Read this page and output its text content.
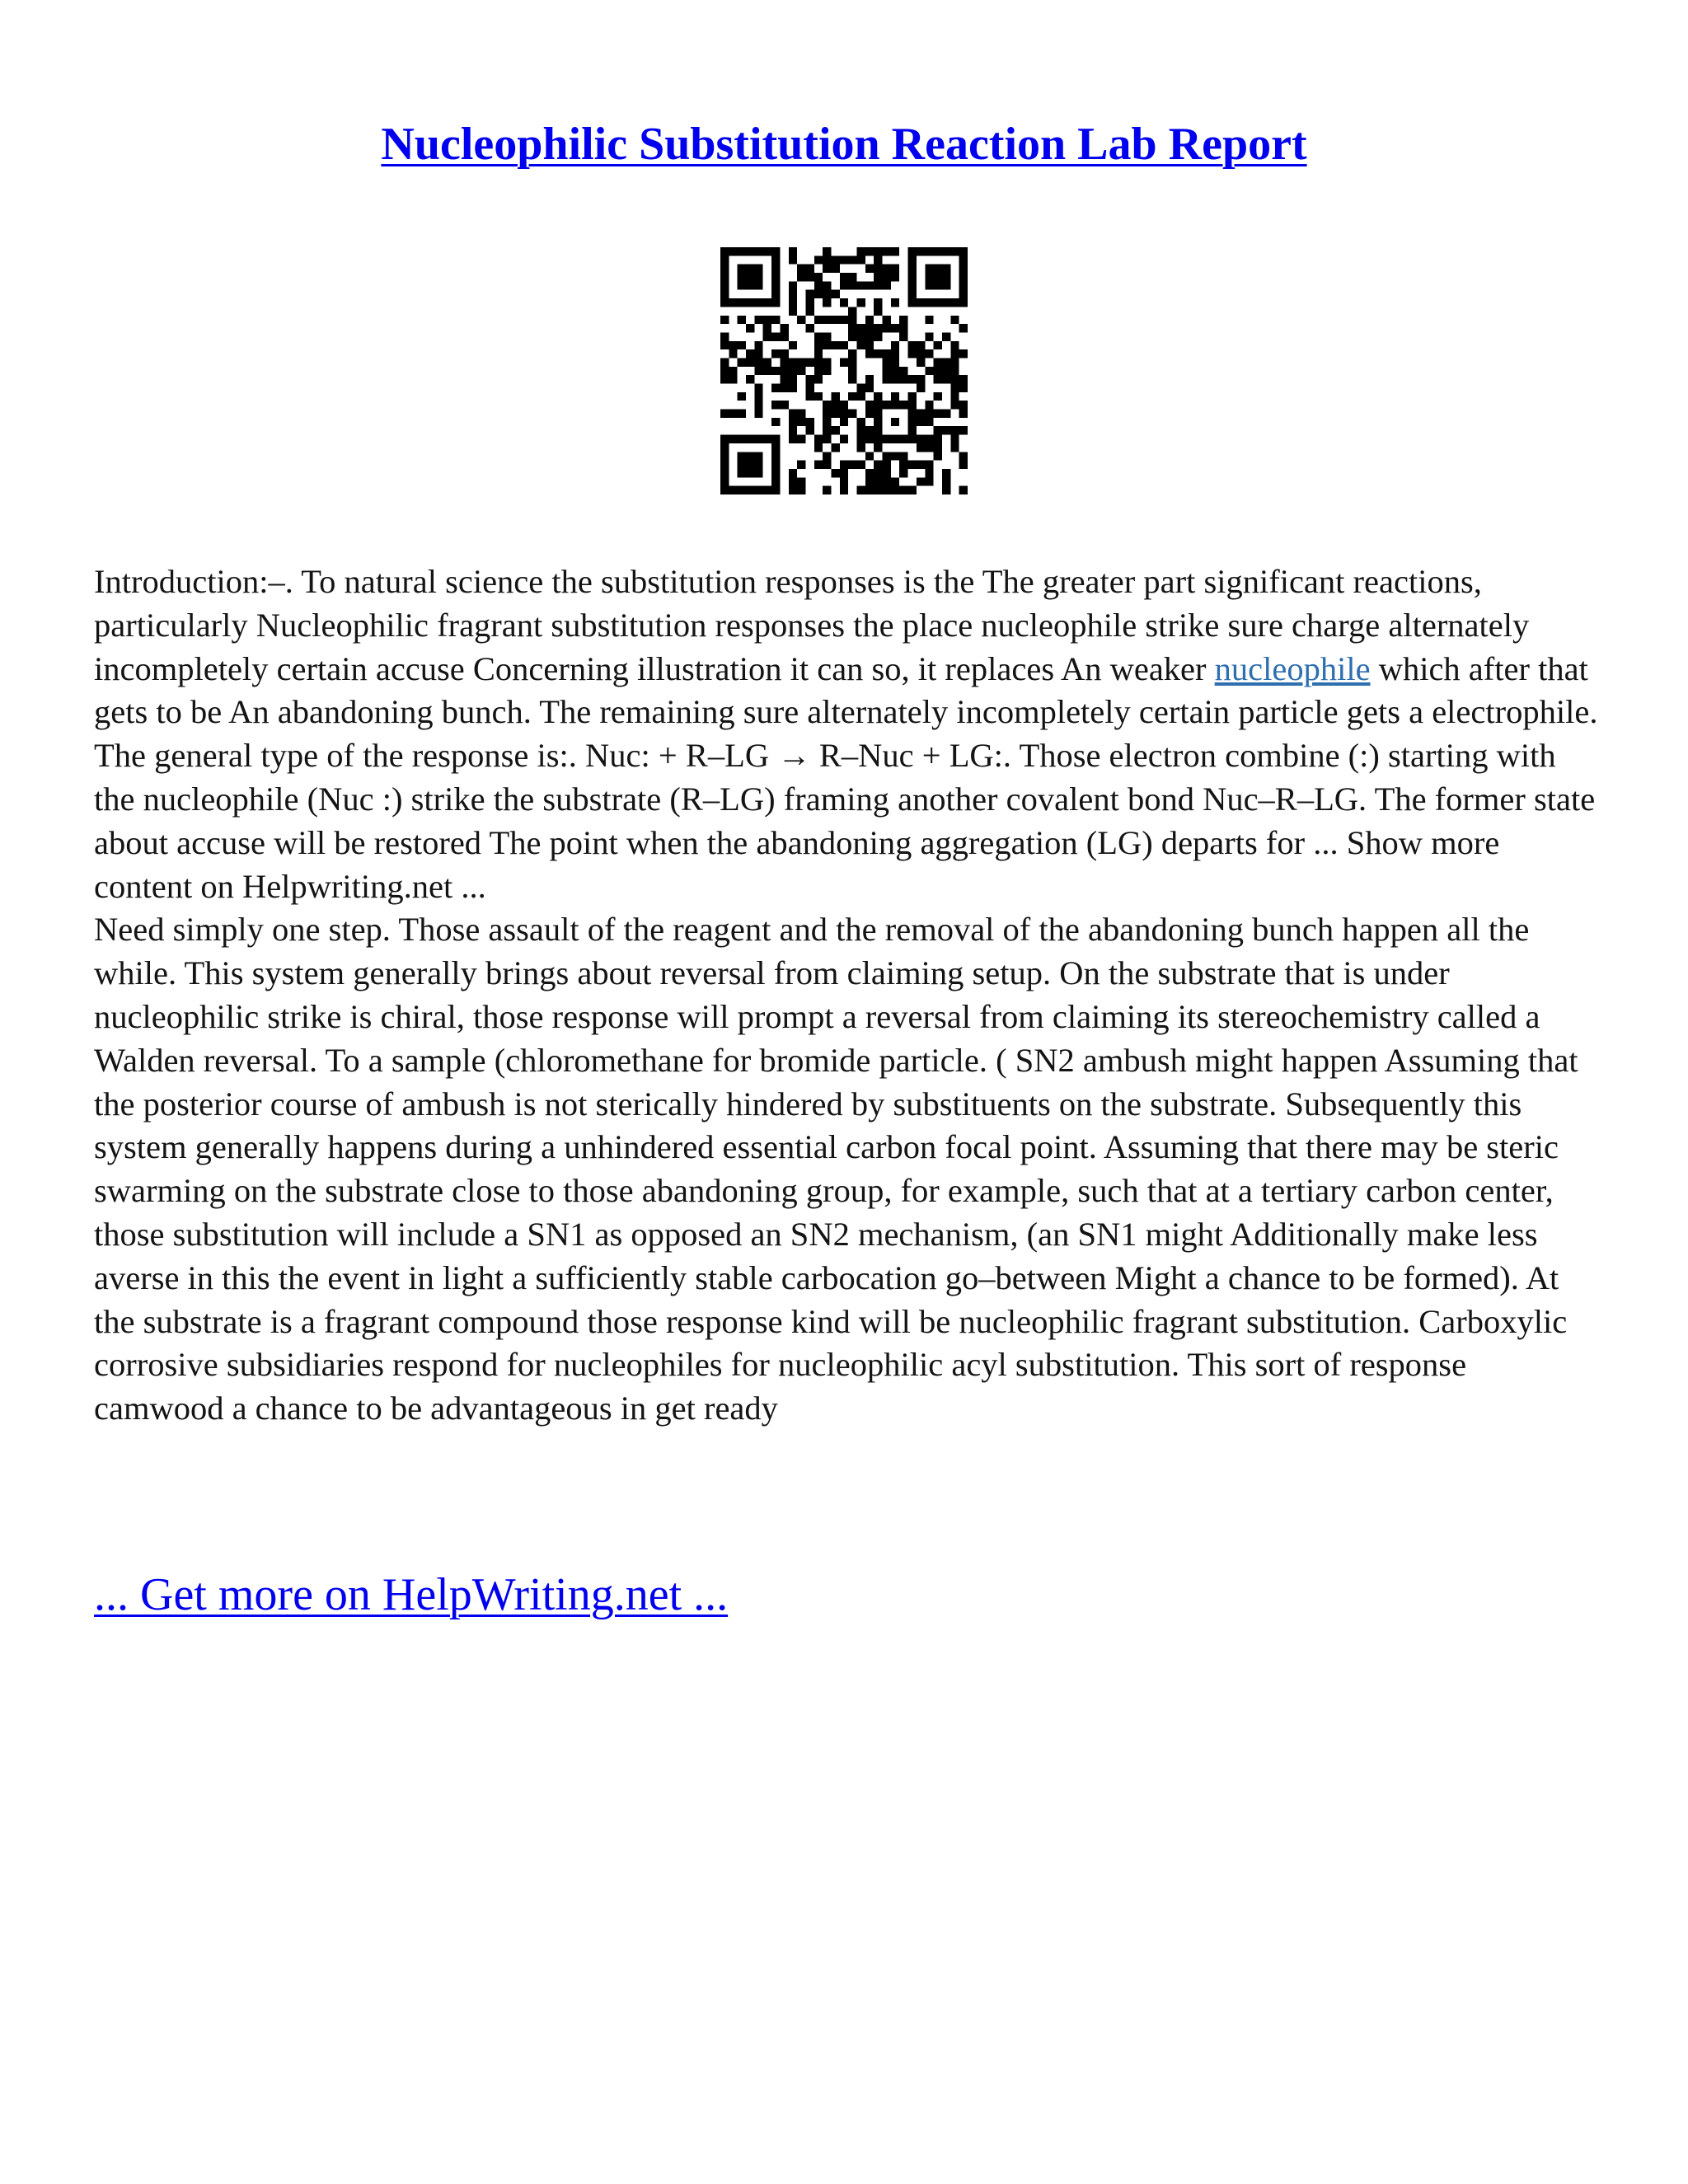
Nucleophilic Substitution Reaction Lab Report

Introduction:–. To natural science the substitution responses is the The greater part significant reactions, particularly Nucleophilic fragrant substitution responses the place nucleophile strike sure charge alternately incompletely certain accuse Concerning illustration it can so, it replaces An weaker nucleophile which after that gets to be An abandoning bunch. The remaining sure alternately incompletely certain particle gets a electrophile. The general type of the response is:. Nuc: + R–LG → R–Nuc + LG:. Those electron combine (:) starting with the nucleophile (Nuc :) strike the substrate (R–LG) framing another covalent bond Nuc–R–LG. The former state about accuse will be restored The point when the abandoning aggregation (LG) departs for ... Show more content on Helpwriting.net ...

Need simply one step. Those assault of the reagent and the removal of the abandoning bunch happen all the while. This system generally brings about reversal from claiming setup. On the substrate that is under nucleophilic strike is chiral, those response will prompt a reversal from claiming its stereochemistry called a Walden reversal. To a sample (chloromethane for bromide particle. ( SN2 ambush might happen Assuming that the posterior course of ambush is not sterically hindered by substituents on the substrate. Subsequently this system generally happens during a unhindered essential carbon focal point. Assuming that there may be steric swarming on the substrate close to those abandoning group, for example, such that at a tertiary carbon center, those substitution will include a SN1 as opposed an SN2 mechanism, (an SN1 might Additionally make less averse in this the event in light a sufficiently stable carbocation go–between Might a chance to be formed). At the substrate is a fragrant compound those response kind will be nucleophilic fragrant substitution. Carboxylic corrosive subsidiaries respond for nucleophiles for nucleophilic acyl substitution. This sort of response camwood a chance to be advantageous in get ready

... Get more on HelpWriting.net ...
